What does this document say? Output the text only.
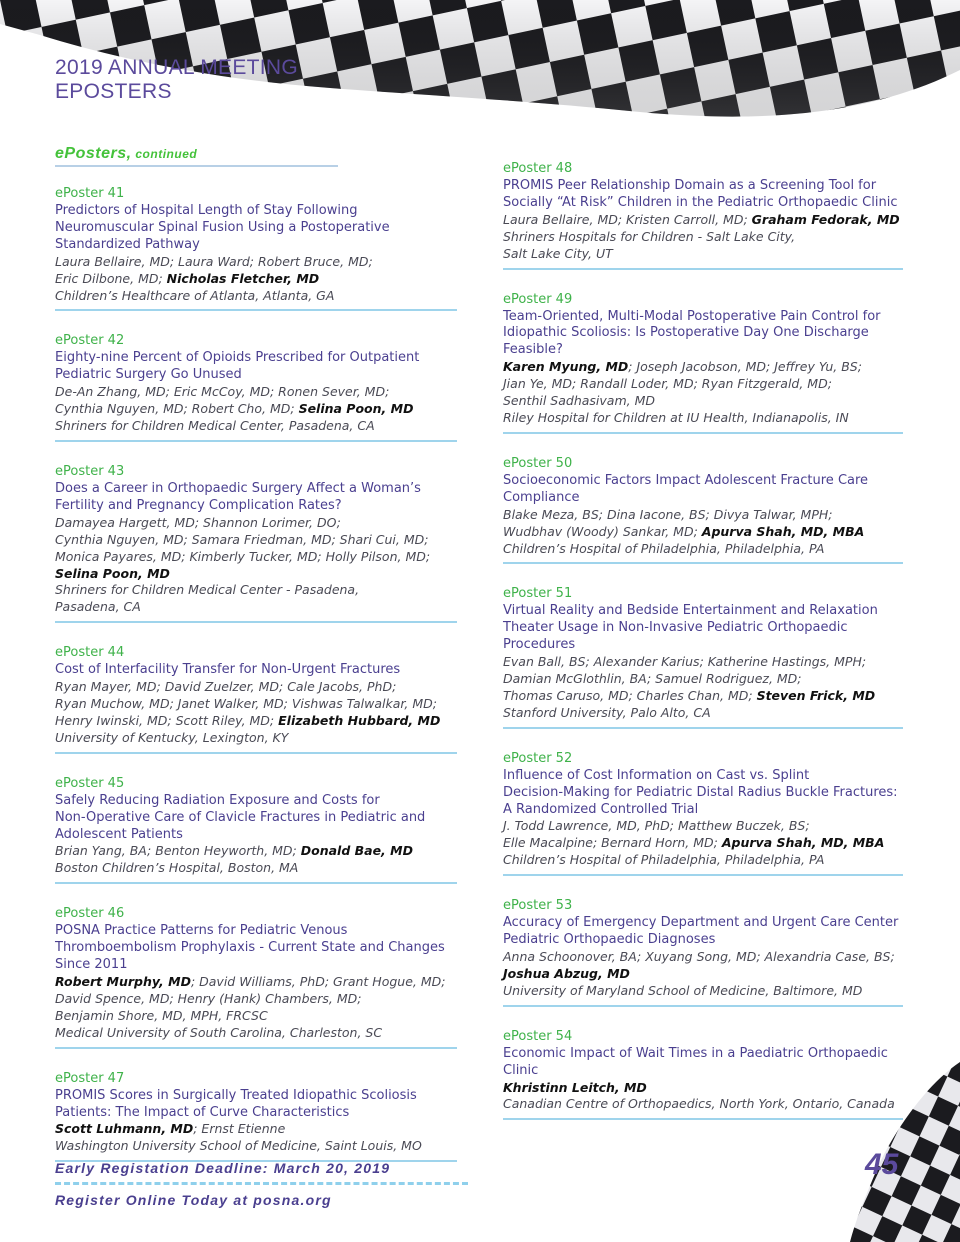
2019 ANNUAL MEETING
EPOSTERS
ePosters, continued
ePoster 41
Predictors of Hospital Length of Stay Following Neuromuscular Spinal Fusion Using a Postoperative Standardized Pathway
Laura Bellaire, MD; Laura Ward; Robert Bruce, MD;
Eric Dilbone, MD; Nicholas Fletcher, MD
Children’s Healthcare of Atlanta, Atlanta, GA
ePoster 42
Eighty-nine Percent of Opioids Prescribed for Outpatient Pediatric Surgery Go Unused
De-An Zhang, MD; Eric McCoy, MD; Ronen Sever, MD;
Cynthia Nguyen, MD; Robert Cho, MD; Selina Poon, MD
Shriners for Children Medical Center, Pasadena, CA
ePoster 43
Does a Career in Orthopaedic Surgery Affect a Woman’s Fertility and Pregnancy Complication Rates?
Damayea Hargett, MD; Shannon Lorimer, DO;
Cynthia Nguyen, MD; Samara Friedman, MD; Shari Cui, MD;
Monica Payares, MD; Kimberly Tucker, MD; Holly Pilson, MD;
Selina Poon, MD
Shriners for Children Medical Center - Pasadena,
Pasadena, CA
ePoster 44
Cost of Interfacility Transfer for Non-Urgent Fractures
Ryan Mayer, MD; David Zuelzer, MD; Cale Jacobs, PhD;
Ryan Muchow, MD; Janet Walker, MD; Vishwas Talwalkar, MD;
Henry Iwinski, MD; Scott Riley, MD; Elizabeth Hubbard, MD
University of Kentucky, Lexington, KY
ePoster 45
Safely Reducing Radiation Exposure and Costs for
Non-Operative Care of Clavicle Fractures in Pediatric and Adolescent Patients
Brian Yang, BA; Benton Heyworth, MD; Donald Bae, MD
Boston Children’s Hospital, Boston, MA
ePoster 46
POSNA Practice Patterns for Pediatric Venous Thromboembolism Prophylaxis - Current State and Changes Since 2011
Robert Murphy, MD; David Williams, PhD; Grant Hogue, MD;
David Spence, MD; Henry (Hank) Chambers, MD;
Benjamin Shore, MD, MPH, FRCSC
Medical University of South Carolina, Charleston, SC
ePoster 47
PROMIS Scores in Surgically Treated Idiopathic Scoliosis Patients: The Impact of Curve Characteristics
Scott Luhmann, MD; Ernst Etienne
Washington University School of Medicine, Saint Louis, MO
ePoster 48
PROMIS Peer Relationship Domain as a Screening Tool for Socially “At Risk” Children in the Pediatric Orthopaedic Clinic
Laura Bellaire, MD; Kristen Carroll, MD; Graham Fedorak, MD
Shriners Hospitals for Children - Salt Lake City,
Salt Lake City, UT
ePoster 49
Team-Oriented, Multi-Modal Postoperative Pain Control for Idiopathic Scoliosis: Is Postoperative Day One Discharge Feasible?
Karen Myung, MD; Joseph Jacobson, MD; Jeffrey Yu, BS;
Jian Ye, MD; Randall Loder, MD; Ryan Fitzgerald, MD;
Senthil Sadhasivam, MD
Riley Hospital for Children at IU Health, Indianapolis, IN
ePoster 50
Socioeconomic Factors Impact Adolescent Fracture Care Compliance
Blake Meza, BS; Dina Iacone, BS; Divya Talwar, MPH;
Wudbhav (Woody) Sankar, MD; Apurva Shah, MD, MBA
Children’s Hospital of Philadelphia, Philadelphia, PA
ePoster 51
Virtual Reality and Bedside Entertainment and Relaxation Theater Usage in Non-Invasive Pediatric Orthopaedic Procedures
Evan Ball, BS; Alexander Karius; Katherine Hastings, MPH;
Damian McGlothlin, BA; Samuel Rodriguez, MD;
Thomas Caruso, MD; Charles Chan, MD; Steven Frick, MD
Stanford University, Palo Alto, CA
ePoster 52
Influence of Cost Information on Cast vs. Splint
Decision-Making for Pediatric Distal Radius Buckle Fractures: A Randomized Controlled Trial
J. Todd Lawrence, MD, PhD; Matthew Buczek, BS;
Elle Macalpine; Bernard Horn, MD; Apurva Shah, MD, MBA
Children’s Hospital of Philadelphia, Philadelphia, PA
ePoster 53
Accuracy of Emergency Department and Urgent Care Center Pediatric Orthopaedic Diagnoses
Anna Schoonover, BA; Xuyang Song, MD; Alexandria Case, BS;
Joshua Abzug, MD
University of Maryland School of Medicine, Baltimore, MD
ePoster 54
Economic Impact of Wait Times in a Paediatric Orthopaedic Clinic
Khristinn Leitch, MD
Canadian Centre of Orthopaedics, North York, Ontario, Canada
Early Registation Deadline: March 20, 2019
Register Online Today at posna.org
45
